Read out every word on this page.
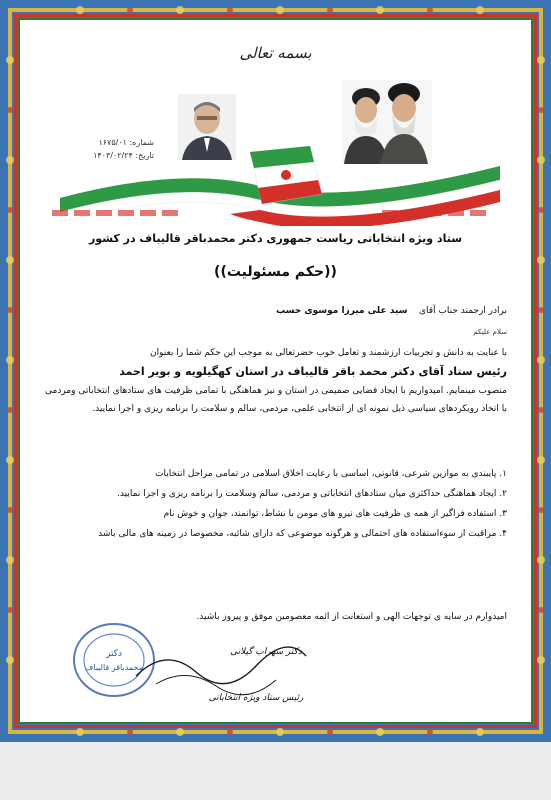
بسمه تعالی
شماره: ۱۶۷۵/۰۱
تاریخ: ۱۴۰۳/۰۲/۲۴
ستاد ویژه انتخاباتی ریاست جمهوری دکتر محمدباقر قالیباف در کشور
((حکم مسئولیت))
برادر ارجمند جناب آقای    سید علی میرزا موسوی حسب
سلام علیکم
با عنایت به دانش و تجربیات ارزشمند و تعامل خوب حضرتعالی به موجب این حکم شما را بعنوان
رئیس ستاد آقای دکتر محمد باقر قالیباف در استان کهگیلویه و بویر احمد
منصوب مینمایم. امیدواریم با ایجاد فضایی صمیمی در استان و نیز هماهنگی با تمامی ظرفیت های ستادهای انتخاباتی ومردمی با اتخاذ رویکردهای سیاسی ذیل نمونه ای از انتخابی علمی، مردمی، سالم و سلامت را برنامه ریزی و اجرا نمایید.
۱. پایبندی به موازین شرعی، قانونی، اساسی با رعایت اخلاق اسلامی در تمامی مراحل انتخابات
۲. ایجاد هماهنگی حداکثری میان ستادهای انتخاباتی و مردمی، سالم وسلامت را برنامه ریزی و اجرا نمایید.
۳. استفاده فراگیر از همه ی ظرفیت های نیرو های مومن با نشاط، توانمند، جوان و خوش نام
۴. مراقبت از سوءاستفاده های احتمالی و هرگونه موضوعی که دارای شائبه، مخصوصا در زمینه های مالی باشد
امیدوارم در سایه ی توجهات الهی و استعانت از ائمه معصومین موفق و پیروز باشید.
دکتر
محمدباقر قالیباف
دکتر سهراب گیلانی
رئیس ستاد ویژه انتخاباتی
